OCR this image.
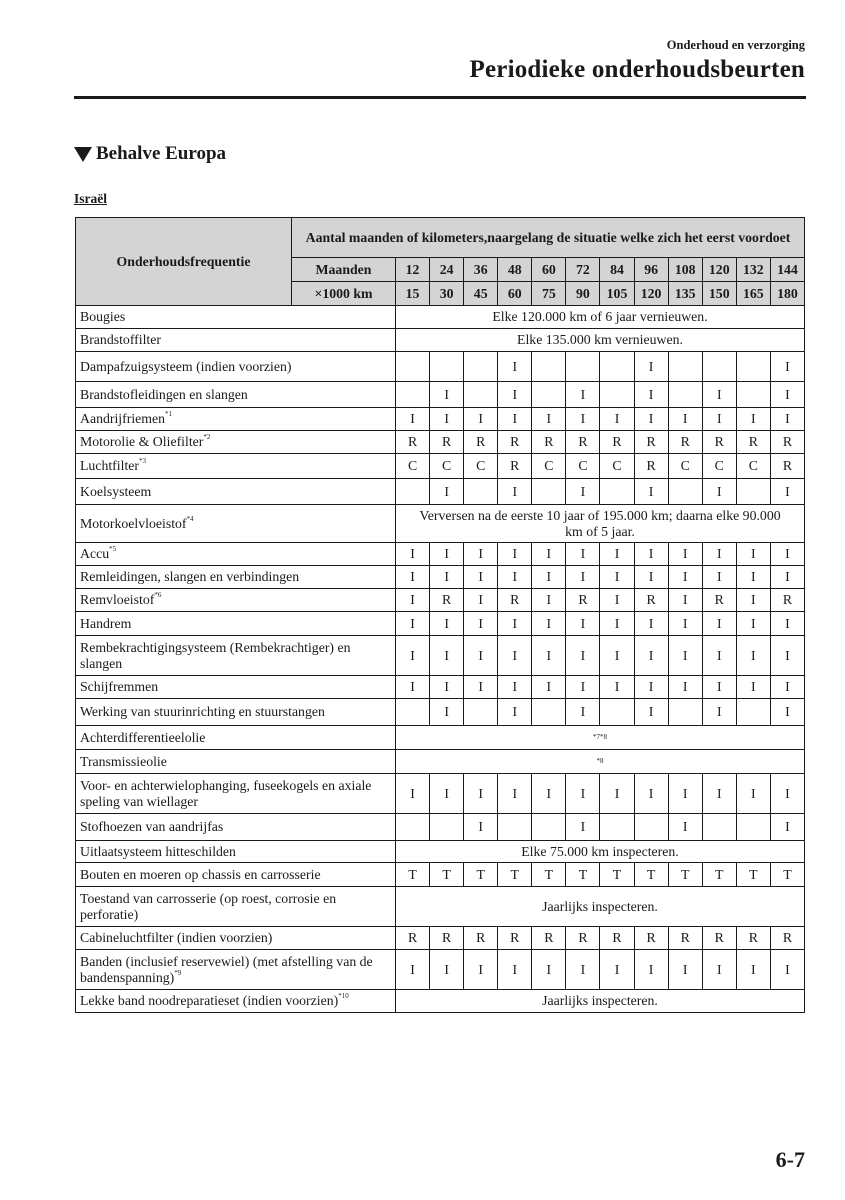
Onderhoud en verzorging
Periodieke onderhoudsbeurten
Behalve Europa
Israël
Onderhoudsfrequentie	Aantal maanden of kilometers,naargelang de situatie welke zich het eerst voordoet												
	Maanden	12	24	36	48	60	72	84	96	108	120	132	144
	×1000 km	15	30	45	60	75	90	105	120	135	150	165	180
Bougies		Elke 120.000 km of 6 jaar vernieuwen.											
Brandstoffilter		Elke 135.000 km vernieuwen.											
Dampafzuigsysteem (indien voorzien)					I				I				I
Brandstofleidingen en slangen			I		I		I		I		I		I
Aandrijfriemen$^{*1}$		I	I	I	I	I	I	I	I	I	I	I	I
Motorolie & Oliefilter$^{*2}$		R	R	R	R	R	R	R	R	R	R	R	R
Luchtfilter$^{*3}$		C	C	C	R	C	C	C	R	C	C	C	R
Koelsysteem			I		I		I		I		I		I
Motorkoelvloeistof$^{*4}$		Verversen na de eerste 10 jaar of 195.000 km; daarna elke 90.000 km of 5 jaar.											
Accu$^{*5}$		I	I	I	I	I	I	I	I	I	I	I	I
Remleidingen, slangen en verbindingen		I	I	I	I	I	I	I	I	I	I	I	I
Remvloeistof$^{*6}$		I	R	I	R	I	R	I	R	I	R	I	R
Handrem		I	I	I	I	I	I	I	I	I	I	I	I
Rembekrachtigingsysteem (Rembekrachtiger) en slangen		I	I	I	I	I	I	I	I	I	I	I	I
Schijfremmen		I	I	I	I	I	I	I	I	I	I	I	I
Werking van stuurinrichting en stuurstangen			I		I		I		I		I		I
Achterdifferentieelolie		*7*8											
Transmissieolie		*8											
Voor- en achterwielophanging, fuseekogels en axiale speling van wiellager		I	I	I	I	I	I	I	I	I	I	I	I
Stofhoezen van aandrijfas				I			I			I			I
Uitlaatsysteem hitteschilden		Elke 75.000 km inspecteren.											
Bouten en moeren op chassis en carrosserie		T	T	T	T	T	T	T	T	T	T	T	T
Toestand van carrosserie (op roest, corrosie en perforatie)		Jaarlijks inspecteren.											
Cabineluchtfilter (indien voorzien)		R	R	R	R	R	R	R	R	R	R	R	R
Banden (inclusief reservewiel) (met afstelling van de bandenspanning)$^{*9}$		I	I	I	I	I	I	I	I	I	I	I	I
Lekke band noodreparatieset (indien voorzien)$^{*10}$		Jaarlijks inspecteren.											
6-7
